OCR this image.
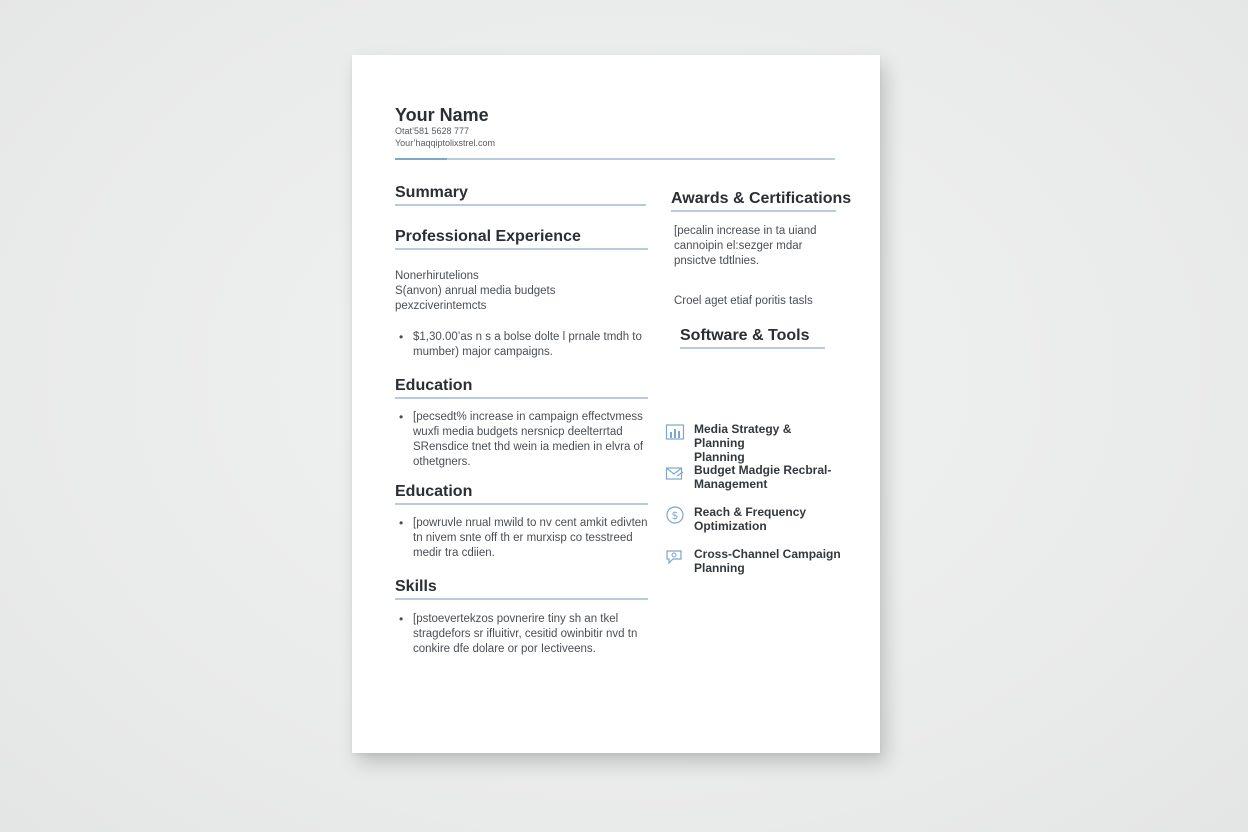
Your Name
Otat’581 5628 777
Your’haqqiptolixstrel.com
Summary
Professional Experience
Nonerhirutelions
S(anvon) anrual media budgets
pexzciverintemcts
• $1,30.00’as n s a bolse dolte l prnale tmdh to
mumber) major campaigns.
Education
• [pecsedt% increase in campaign effectvmess
wuxfi media budgets nersnicp deelterrtad
SRensdice tnet thd wein ia medien in elvra of
othetgners.
Education
• [powruvle nrual mwild to nv cent amkit edivten
tn nivem snte off th er murxisp co tesstreed
medir tra cdiien.
Skills
• [pstoevertekzos povnerire tiny sh an tkel
stragdefors sr ifluitivr, cesitid owinbitir nvd tn
conkire dfe dolare or por Iectiveens.
Awards & Certifications
[pecalin increase in ta uiand
cannoipin el:sezger mdar
pnsictve tdtlnies.
Croel aget etiaf poritis tasls
Software & Tools
Media Strategy & Planning
Planning
Budget Madgie Recbral-
Management
$ Reach & Frequency
Optimization
Cross-Channel Campaign
Planning
